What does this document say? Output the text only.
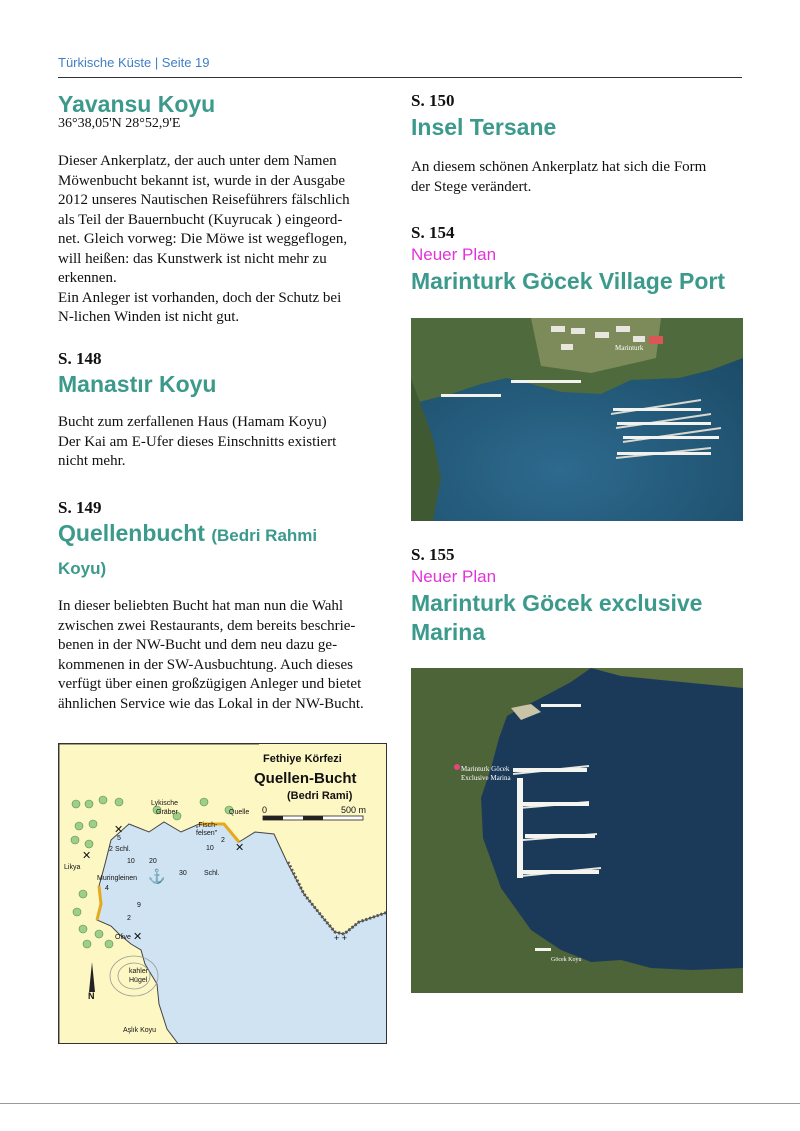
Türkische Küste | Seite 19
Yavansu Koyu
36°38,05'N 28°52,9'E
Dieser Ankerplatz, der auch unter dem Namen
Möwenbucht bekannt ist, wurde in der Ausgabe
2012 unseres Nautischen Reiseführers fälschlich
als Teil der Bauernbucht (Kuyrucak ) eingeord-
net. Gleich vorweg: Die Möwe ist weggeflogen,
will heißen: das Kunstwerk ist nicht mehr zu
erkennen.
Ein Anleger ist vorhanden, doch der Schutz bei
N-lichen Winden ist nicht gut.
S. 148
Manastır Koyu
Bucht zum zerfallenen Haus (Hamam Koyu)
Der Kai am E-Ufer dieses Einschnitts existiert
nicht mehr.
S. 149
Quellenbucht (Bedri Rahmi
Koyu)
In dieser beliebten Bucht hat man nun die Wahl
zwischen zwei Restaurants, dem bereits beschrie-
benen in der NW-Bucht und dem neu dazu ge-
kommenen in der SW-Ausbuchtung. Auch dieses
verfügt über einen großzügigen Anleger und bietet
ähnlichen Service wie das Lokal in der NW-Bucht.
⚓
+ +
Fethiye Körfezi
Quellen-Bucht
(Bedri Rami)
0	500 m
Lykische
Gräber	Quelle
„Fisch-
felsen"
Schl.
Schl.
Likya
Muringleinen
Olive
kahler
Hügel
Aşlık Koyu
N
5
2
10 20
30
10
2
4
9
2
✕
✕
✕
✕
S. 150
Insel Tersane
An diesem schönen Ankerplatz hat sich die Form
der Stege verändert.
S. 154
Neuer Plan
Marinturk Göcek Village Port
Marinturk
S. 155
Neuer Plan
Marinturk Göcek exclusive
Marina
Marinturk Göcek
Exclusive Marina
Göcek Koyu
